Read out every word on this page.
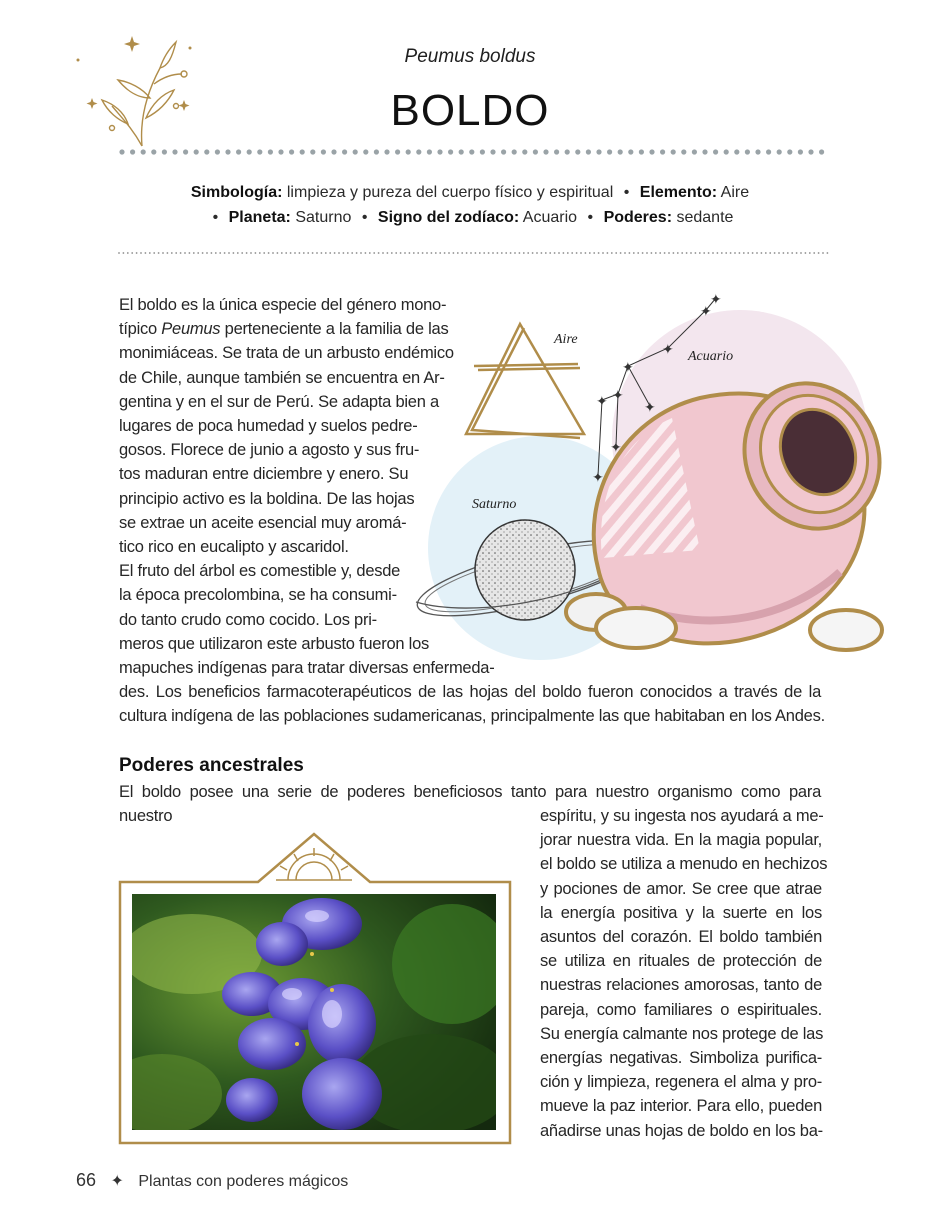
Peumus boldus
BOLDO
Simbología: limpieza y pureza del cuerpo físico y espiritual • Elemento: Aire
• Planeta: Saturno • Signo del zodíaco: Acuario • Poderes: sedante
Aire
Acuario
Saturno
✦
✦
✦
✦
✦
✦	✦
✦
✦
El boldo es la única especie del género mono-
típico Peumus perteneciente a la familia de las
monimiáceas. Se trata de un arbusto endémico
de Chile, aunque también se encuentra en Ar-
gentina y en el sur de Perú. Se adapta bien a
lugares de poca humedad y suelos pedre-
gosos. Florece de junio a agosto y sus fru-
tos maduran entre diciembre y enero. Su
principio activo es la boldina. De las hojas
se extrae un aceite esencial muy aromá-
tico rico en eucalipto y ascaridol.
El fruto del árbol es comestible y, desde
la época precolombina, se ha consumi-
do tanto crudo como cocido. Los pri-
meros que utilizaron este arbusto fueron los
mapuches indígenas para tratar diversas enfermeda-
des. Los beneficios farmacoterapéuticos de las hojas del boldo fueron conocidos a través de la
cultura indígena de las poblaciones sudamericanas, principalmente las que habitaban en los Andes.
Poderes ancestrales
El boldo posee una serie de poderes beneficiosos tanto para nuestro organismo como para nuestro	espíritu, y su ingesta nos ayudará a me-
jorar nuestra vida. En la magia popular,
el boldo se utiliza a menudo en hechizos
y pociones de amor. Se cree que atrae
la energía positiva y la suerte en los
asuntos del corazón. El boldo también
se utiliza en rituales de protección de
nuestras relaciones amorosas, tanto de
pareja, como familiares o espirituales.
Su energía calmante nos protege de las
energías negativas. Simboliza purifica-
ción y limpieza, regenera el alma y pro-
mueve la paz interior. Para ello, pueden
añadirse unas hojas de boldo en los ba-
66 ✦ Plantas con poderes mágicos
